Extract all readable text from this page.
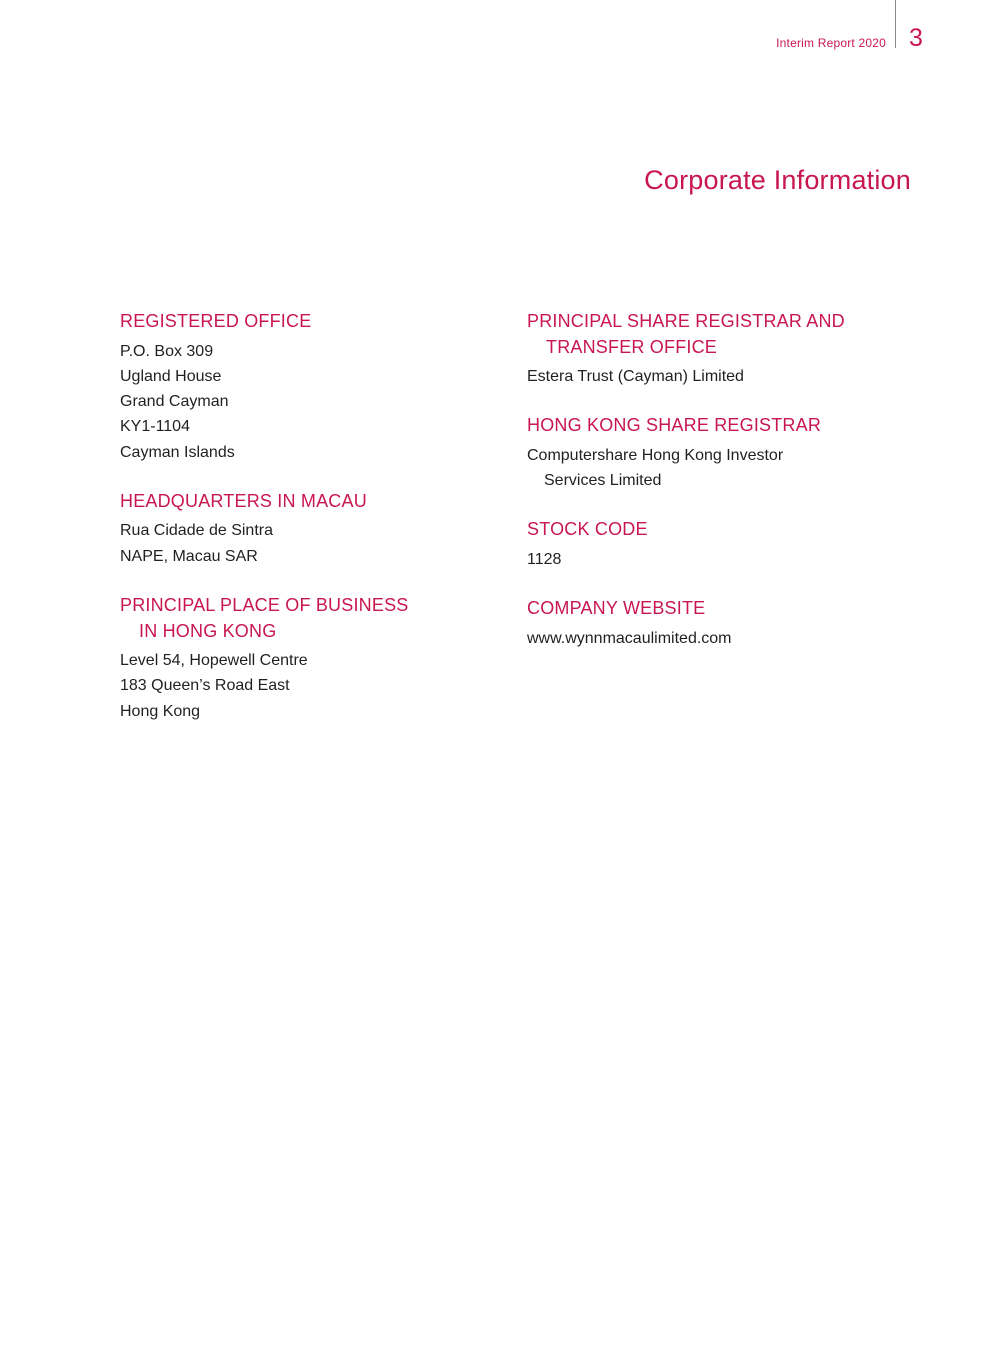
Interim Report 2020 3
Corporate Information
REGISTERED OFFICE
P.O. Box 309
Ugland House
Grand Cayman
KY1-1104
Cayman Islands
HEADQUARTERS IN MACAU
Rua Cidade de Sintra
NAPE, Macau SAR
PRINCIPAL PLACE OF BUSINESS
IN HONG KONG
Level 54, Hopewell Centre
183 Queen’s Road East
Hong Kong
PRINCIPAL SHARE REGISTRAR AND
TRANSFER OFFICE
Estera Trust (Cayman) Limited
HONG KONG SHARE REGISTRAR
Computershare Hong Kong Investor
Services Limited
STOCK CODE
1128
COMPANY WEBSITE
www.wynnmacaulimited.com
